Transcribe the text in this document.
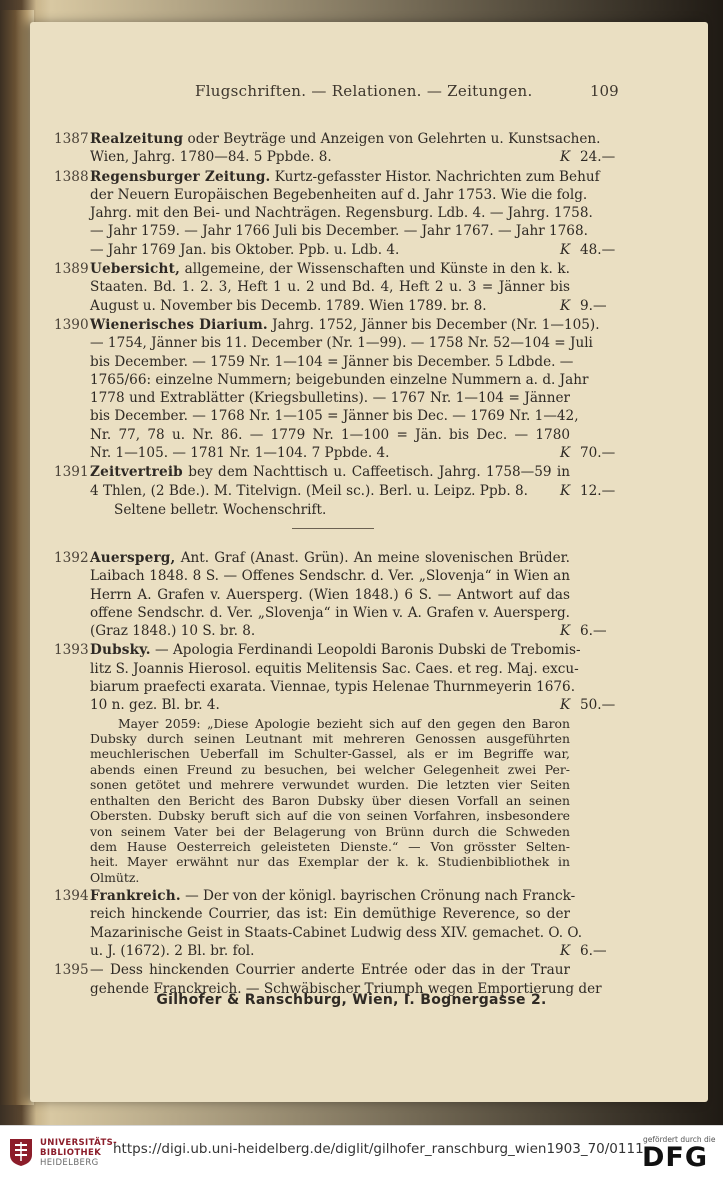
Flugschriften. — Relationen. — Zeitungen.	109
1387 Realzeitung oder Beyträge und Anzeigen von Gelehrten u. Kunstsachen.
Wien, Jahrg. 1780—84. 5 Ppbde. 8.	K 24.—
1388 Regensburger Zeitung. Kurtz-gefasster Histor. Nachrichten zum Behuf
der Neuern Europäischen Begebenheiten auf d. Jahr 1753. Wie die folg.
Jahrg. mit den Bei- und Nachträgen. Regensburg. Ldb. 4. — Jahrg. 1758.
— Jahr 1759. — Jahr 1766 Juli bis December. — Jahr 1767. — Jahr 1768.
— Jahr 1769 Jan. bis Oktober. Ppb. u. Ldb. 4.	K 48.—
1389 Uebersicht, allgemeine, der Wissenschaften und Künste in den k. k.
Staaten. Bd. 1. 2. 3, Heft 1 u. 2 und Bd. 4, Heft 2 u. 3 = Jänner bis
August u. November bis Decemb. 1789. Wien 1789. br. 8.	K 9.—
1390 Wienerisches Diarium. Jahrg. 1752, Jänner bis December (Nr. 1—105).
— 1754, Jänner bis 11. December (Nr. 1—99). — 1758 Nr. 52—104 = Juli
bis December. — 1759 Nr. 1—104 = Jänner bis December. 5 Ldbde. —
1765/66: einzelne Nummern; beigebunden einzelne Nummern a. d. Jahr
1778 und Extrablätter (Kriegsbulletins). — 1767 Nr. 1—104 = Jänner
bis December. — 1768 Nr. 1—105 = Jänner bis Dec. — 1769 Nr. 1—42,
Nr. 77, 78 u. Nr. 86. — 1779 Nr. 1—100 = Jän. bis Dec. — 1780
Nr. 1—105. — 1781 Nr. 1—104. 7 Ppbde. 4.	K 70.—
1391 Zeitvertreib bey dem Nachttisch u. Caffeetisch. Jahrg. 1758—59 in
4 Thlen, (2 Bde.). M. Titelvign. (Meil sc.). Berl. u. Leipz. Ppb. 8. K 12.—
Seltene belletr. Wochenschrift.
1392 Auersperg, Ant. Graf (Anast. Grün). An meine slovenischen Brüder.
Laibach 1848. 8 S. — Offenes Sendschr. d. Ver. „Slovenja“ in Wien an
Herrn A. Grafen v. Auersperg. (Wien 1848.) 6 S. — Antwort auf das
offene Sendschr. d. Ver. „Slovenja“ in Wien v. A. Grafen v. Auersperg.
(Graz 1848.) 10 S. br. 8.	K 6.—
1393 Dubsky. — Apologia Ferdinandi Leopoldi Baronis Dubski de Trebomis-
litz S. Joannis Hierosol. equitis Melitensis Sac. Caes. et reg. Maj. excu-
biarum praefecti exarata. Viennae, typis Helenae Thurnmeyerin 1676.
10 n. gez. Bl. br. 4.	K 50.—
Mayer 2059: „Diese Apologie bezieht sich auf den gegen den Baron
Dubsky durch seinen Leutnant mit mehreren Genossen ausgeführten
meuchlerischen Ueberfall im Schulter-Gassel, als er im Begriffe war,
abends einen Freund zu besuchen, bei welcher Gelegenheit zwei Per-
sonen getötet und mehrere verwundet wurden. Die letzten vier Seiten
enthalten den Bericht des Baron Dubsky über diesen Vorfall an seinen
Obersten. Dubsky beruft sich auf die von seinen Vorfahren, insbesondere
von seinem Vater bei der Belagerung von Brünn durch die Schweden
dem Hause Oesterreich geleisteten Dienste.“ — Von grösster Selten-
heit. Mayer erwähnt nur das Exemplar der k. k. Studienbibliothek in
Olmütz.
1394 Frankreich. — Der von der königl. bayrischen Crönung nach Franck-
reich hinckende Courrier, das ist: Ein demüthige Reverence, so der
Mazarinische Geist in Staats-Cabinet Ludwig dess XIV. gemachet. O. O.
u. J. (1672). 2 Bl. br. fol.	K 6.—
1395 — Dess hinckenden Courrier anderte Entrée oder das in der Traur
gehende Franckreich. — Schwäbischer Triumph wegen Emportierung der
Gilhofer & Ranschburg, Wien, I. Bognergasse 2.
UNIVERSITÄTS-
BIBLIOTHEK
HEIDELBERG
https://digi.ub.uni-heidelberg.de/diglit/gilhofer_ranschburg_wien1903_70/0111
gefördert durch die
DFG
